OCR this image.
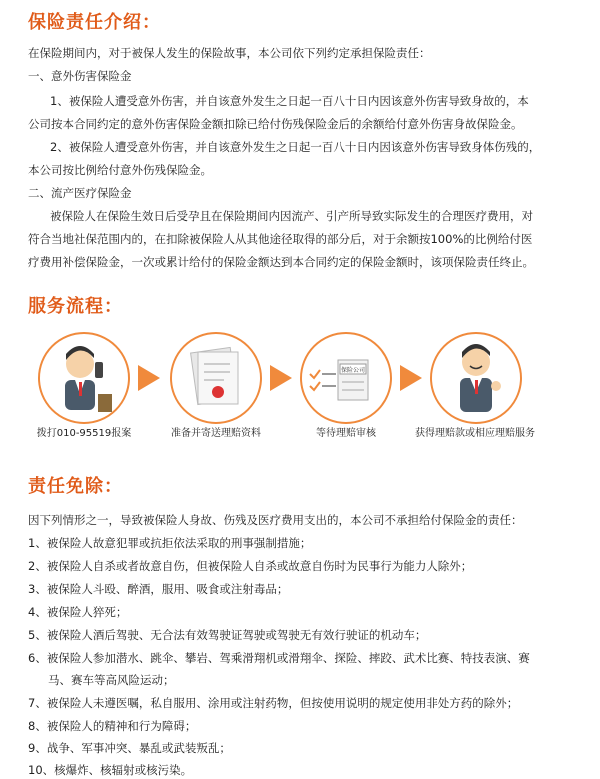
保险责任介绍：
在保险期间内，对于被保人发生的保险故事，本公司依下列约定承担保险责任：
一、意外伤害保险金
1、被保险人遭受意外伤害，并自该意外发生之日起一百八十日内因该意外伤害导致身故的，本
公司按本合同约定的意外伤害保险金额扣除已给付伤残保险金后的余额给付意外伤害身故保险金。
2、被保险人遭受意外伤害，并自该意外发生之日起一百八十日内因该意外伤害导致身体伤残的，
本公司按比例给付意外伤残保险金。
二、流产医疗保险金
被保险人在保险生效日后受孕且在保险期间内因流产、引产所导致实际发生的合理医疗费用，对
符合当地社保范围内的，在扣除被保险人从其他途径取得的部分后，对于余额按100%的比例给付医
疗费用补偿保险金，一次或累计给付的保险金额达到本合同约定的保险金额时，该项保险责任终止。
服务流程：
拨打010-95519报案	准备并寄送理赔资料
保险公司
等待理赔审核	获得理赔款或相应理赔服务
责任免除：
因下列情形之一，导致被保险人身故、伤残及医疗费用支出的，本公司不承担给付保险金的责任：
1、被保险人故意犯罪或抗拒依法采取的刑事强制措施；
2、被保险人自杀或者故意自伤，但被保险人自杀或故意自伤时为民事行为能力人除外；
3、被保险人斗殴、醉酒，服用、吸食或注射毒品；
4、被保险人猝死；
5、被保险人酒后驾驶、无合法有效驾驶证驾驶或驾驶无有效行驶证的机动车；
6、被保险人参加潜水、跳伞、攀岩、驾乘滑翔机或滑翔伞、探险、摔跤、武术比赛、特技表演、赛
马、赛车等高风险运动；
7、被保险人未遵医嘱，私自服用、涂用或注射药物，但按使用说明的规定使用非处方药的除外；
8、被保险人的精神和行为障碍；
9、战争、军事冲突、暴乱或武装叛乱；
10、核爆炸、核辐射或核污染。
